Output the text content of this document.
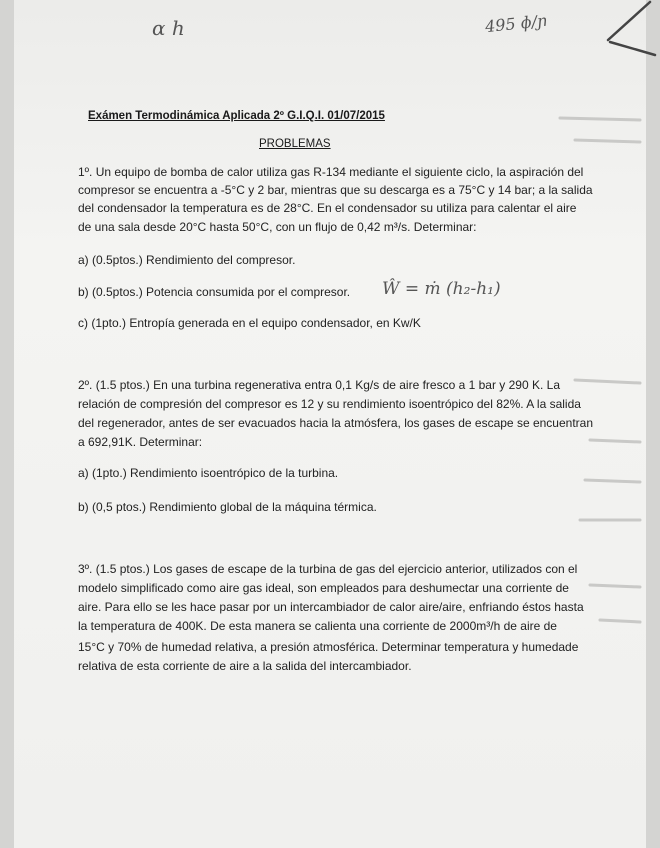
ɑ h	495 ɸ/ɲ
Ŵ = ṁ (h₂-h₁)
Exámen Termodinámica Aplicada 2º G.I.Q.I. 01/07/2015
PROBLEMAS
1º. Un equipo de bomba de calor utiliza gas R-134 mediante el siguiente ciclo, la aspiración del
compresor se encuentra a -5°C y 2 bar, mientras que su descarga es a 75°C y 14 bar; a la salida
del condensador la temperatura es de 28°C. En el condensador su utiliza para calentar el aire
de una sala desde 20°C hasta 50°C, con un flujo de 0,42 m³/s. Determinar:
a) (0.5ptos.) Rendimiento del compresor.
b) (0.5ptos.) Potencia consumida por el compresor.
c) (1pto.) Entropía generada en el equipo condensador, en Kw/K
2º. (1.5 ptos.) En una turbina regenerativa entra 0,1 Kg/s de aire fresco a 1 bar y 290 K. La
relación de compresión del compresor es 12 y su rendimiento isoentrópico del 82%. A la salida
del regenerador, antes de ser evacuados hacia la atmósfera, los gases de escape se encuentran
a 692,91K. Determinar:
a) (1pto.) Rendimiento isoentrópico de la turbina.
b) (0,5 ptos.) Rendimiento global de la máquina térmica.
3º. (1.5 ptos.) Los gases de escape de la turbina de gas del ejercicio anterior, utilizados con el
modelo simplificado como aire gas ideal, son empleados para deshumectar una corriente de
aire. Para ello se les hace pasar por un intercambiador de calor aire/aire, enfriando éstos hasta
la temperatura de 400K. De esta manera se calienta una corriente de 2000m³/h de aire de
15°C y 70% de humedad relativa, a presión atmosférica. Determinar temperatura y humedade
relativa de esta corriente de aire a la salida del intercambiador.
